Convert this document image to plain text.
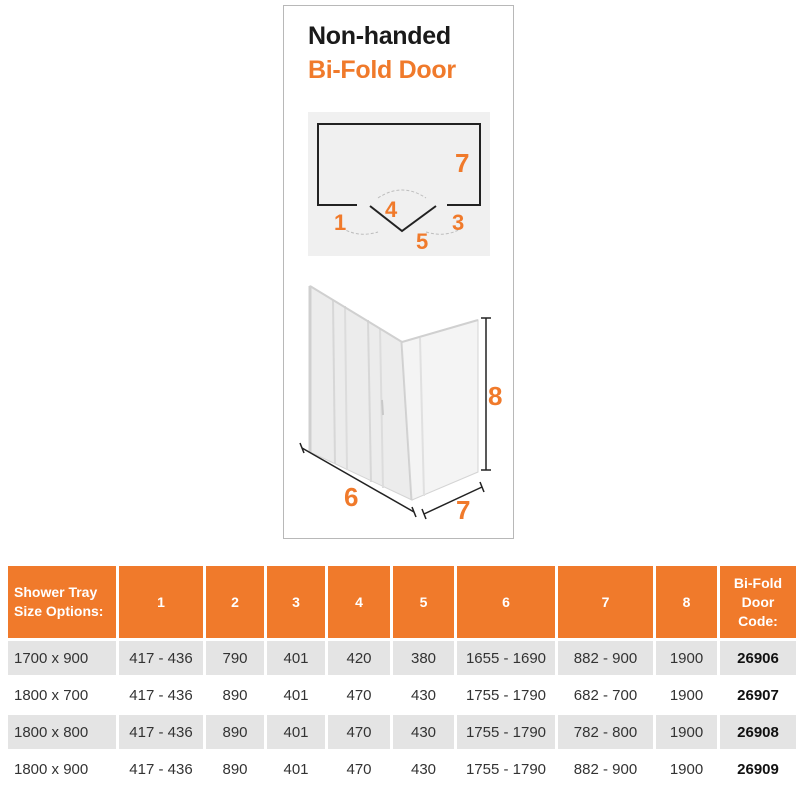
Non-handed
Bi-Fold Door
1
4
3
5
7
8
6	7
Shower Tray Size Options:	1	2	3	4	5	6	7	8	Bi-Fold Door Code:
1700 x 900	417 - 436	790	401	420	380	1655 - 1690	882 - 900	1900	26906
1800 x 700	417 - 436	890	401	470	430	1755 - 1790	682 - 700	1900	26907
1800 x 800	417 - 436	890	401	470	430	1755 - 1790	782 - 800	1900	26908
1800 x 900	417 - 436	890	401	470	430	1755 - 1790	882 - 900	1900	26909
